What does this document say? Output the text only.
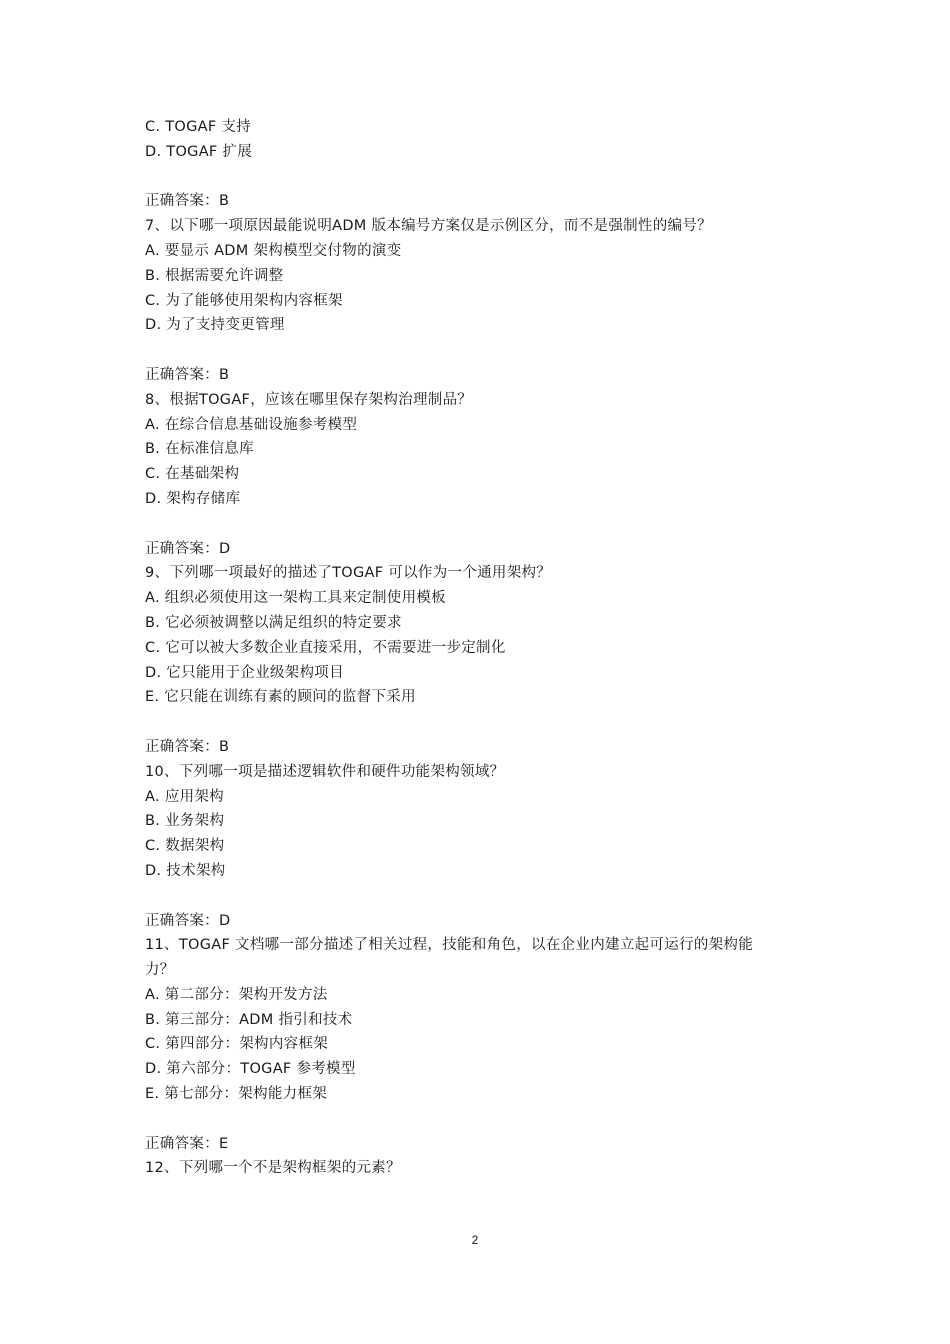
C. TOGAF 支持
D. TOGAF 扩展
正确答案：B
7、以下哪一项原因最能说明ADM 版本编号方案仅是示例区分，而不是强制性的编号？
A. 要显示 ADM 架构模型交付物的演变
B. 根据需要允许调整
C. 为了能够使用架构内容框架
D. 为了支持变更管理
正确答案：B
8、根据TOGAF，应该在哪里保存架构治理制品？
A. 在综合信息基础设施参考模型
B. 在标准信息库
C. 在基础架构
D. 架构存储库
正确答案：D
9、下列哪一项最好的描述了TOGAF 可以作为一个通用架构？
A. 组织必须使用这一架构工具来定制使用模板
B. 它必须被调整以满足组织的特定要求
C. 它可以被大多数企业直接采用，不需要进一步定制化
D. 它只能用于企业级架构项目
E. 它只能在训练有素的顾问的监督下采用
正确答案：B
10、下列哪一项是描述逻辑软件和硬件功能架构领域？
A. 应用架构
B. 业务架构
C. 数据架构
D. 技术架构
正确答案：D
11、TOGAF 文档哪一部分描述了相关过程，技能和角色，以在企业内建立起可运行的架构能力？
A. 第二部分：架构开发方法
B. 第三部分：ADM 指引和技术
C. 第四部分：架构内容框架
D. 第六部分：TOGAF 参考模型
E. 第七部分：架构能力框架
正确答案：E
12、下列哪一个不是架构框架的元素？
2
